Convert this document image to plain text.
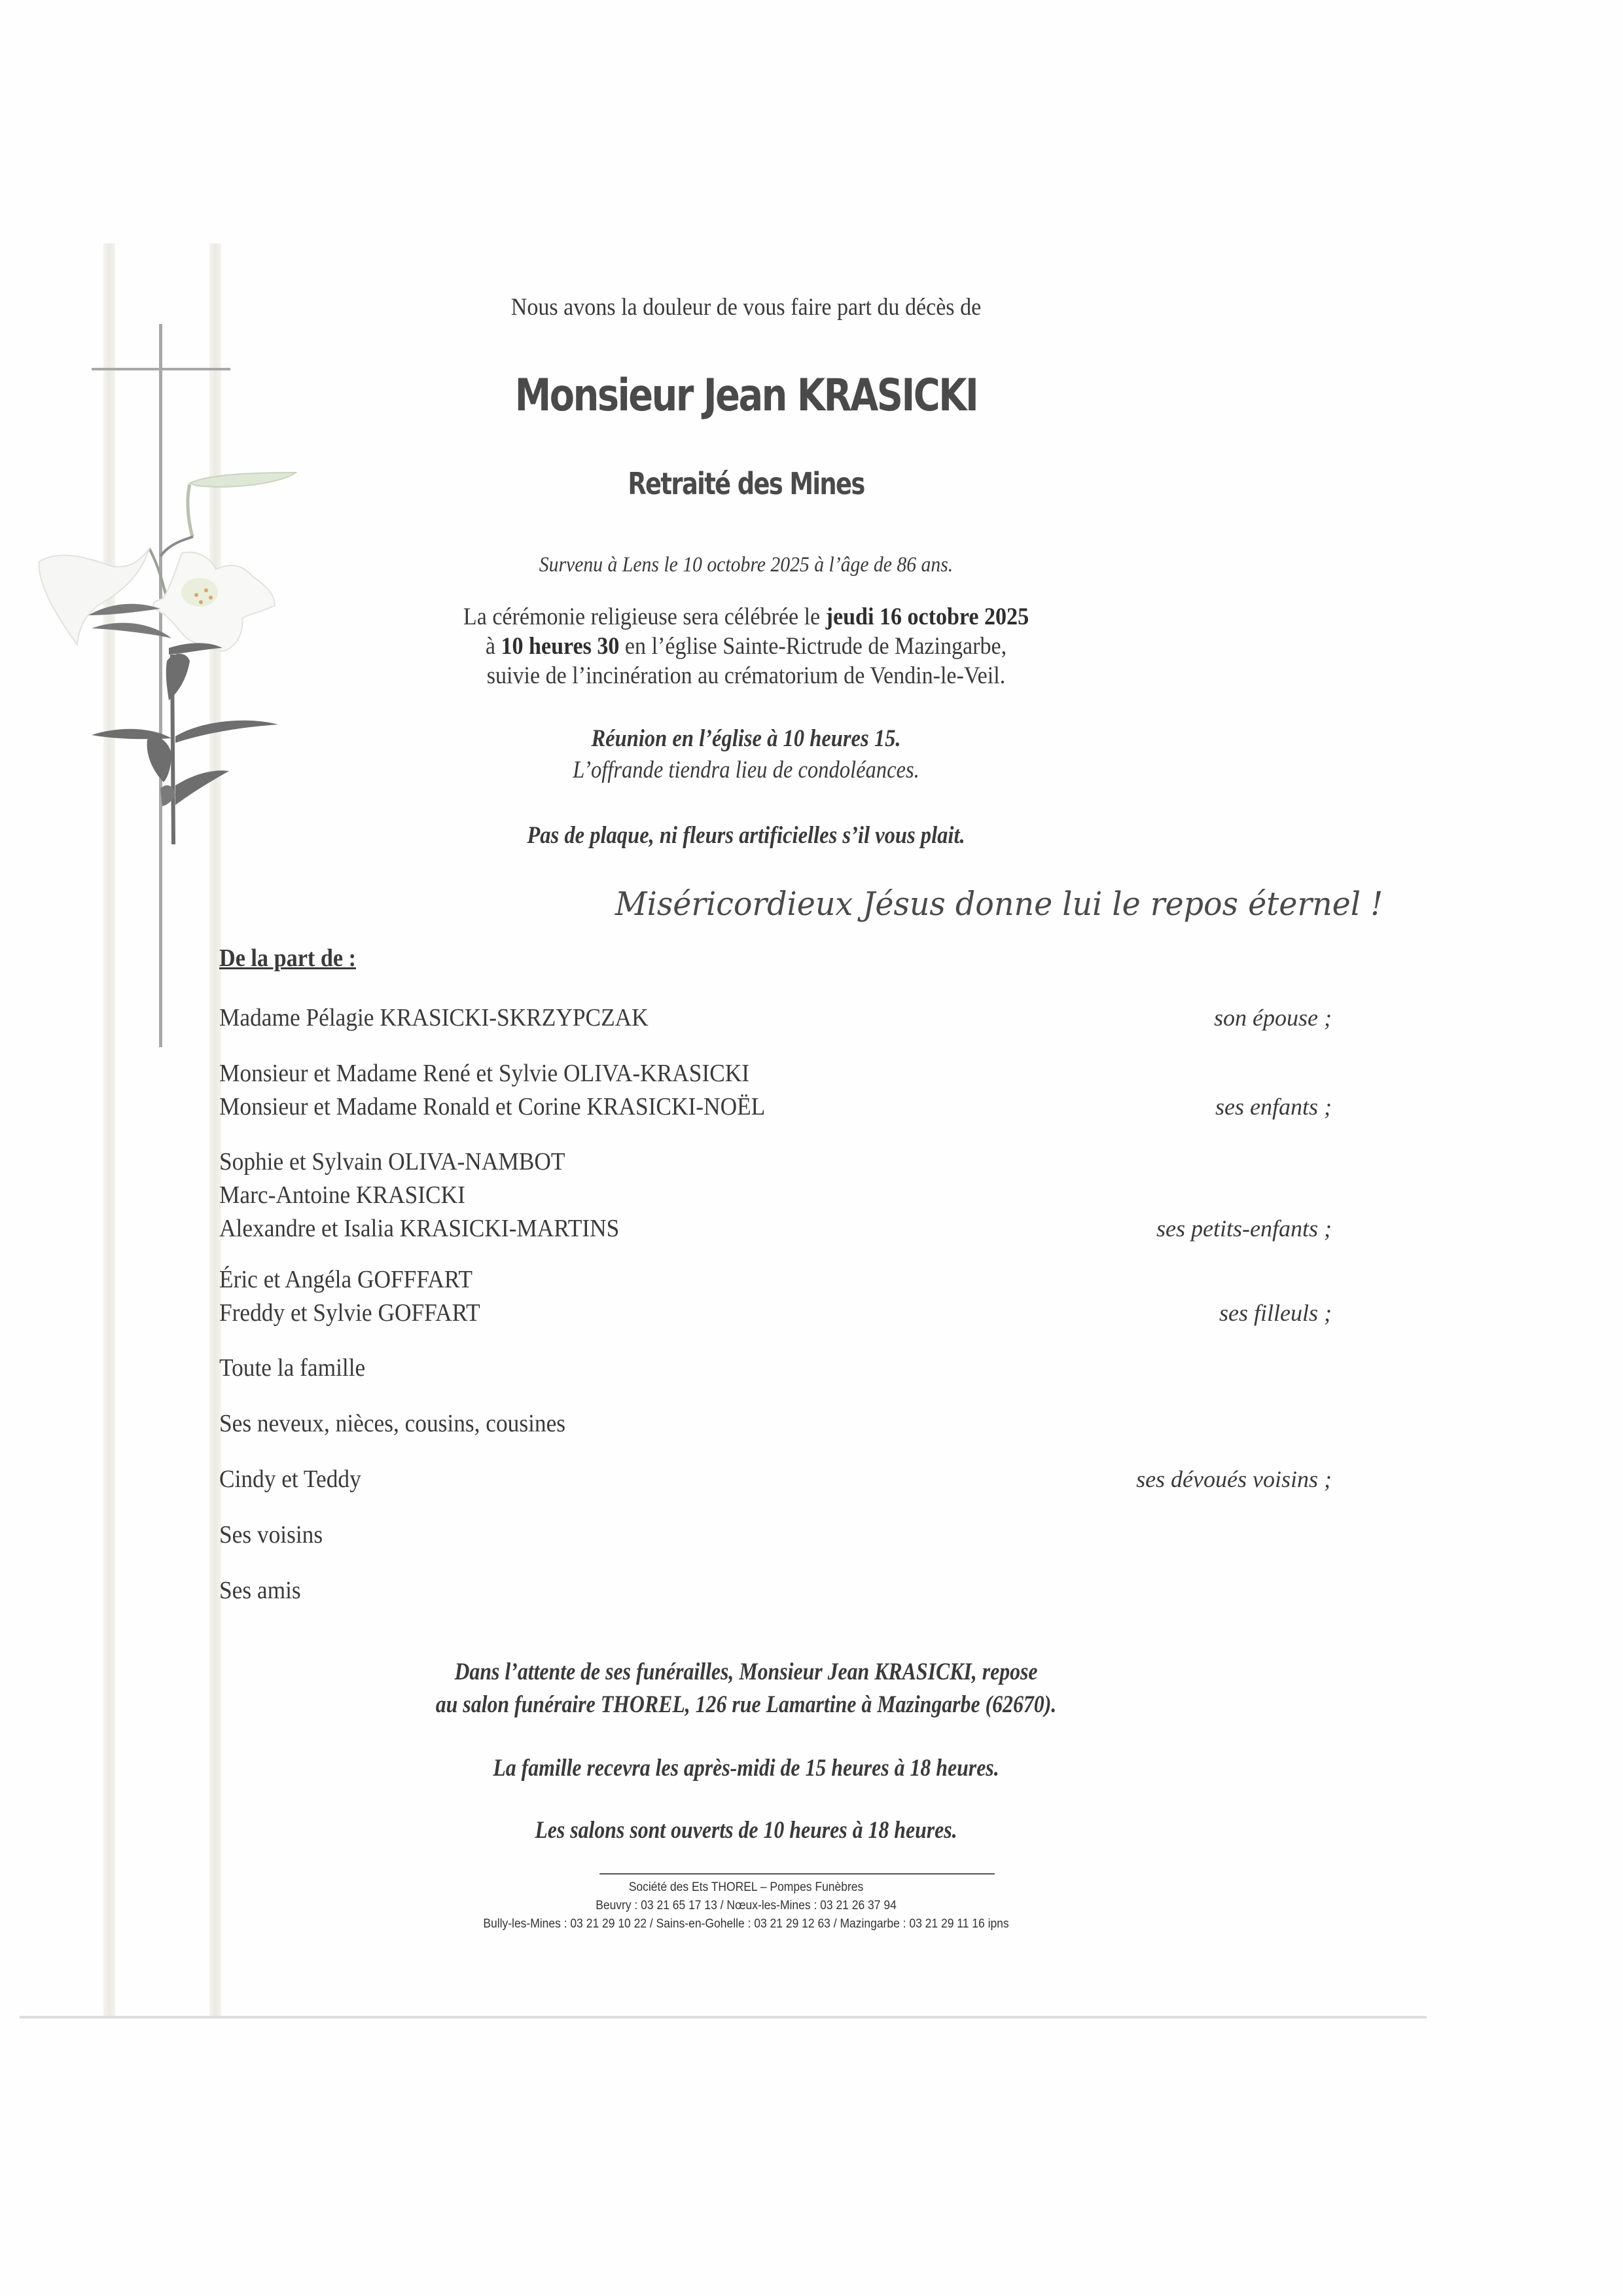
Nous avons la douleur de vous faire part du décès de
Monsieur Jean KRASICKI
Retraité des Mines
Survenu à Lens le 10 octobre 2025 à l’âge de 86 ans.
La cérémonie religieuse sera célébrée le jeudi 16 octobre 2025
à 10 heures 30 en l’église Sainte-Rictrude de Mazingarbe,
suivie de l’incinération au crématorium de Vendin-le-Veil.
Réunion en l’église à 10 heures 15.
L’offrande tiendra lieu de condoléances.
Pas de plaque, ni fleurs artificielles s’il vous plait.
Miséricordieux Jésus donne lui le repos éternel !
De la part de :
Madame Pélagie KRASICKI-SKRZYPCZAK	son épouse ;
Monsieur et Madame René et Sylvie OLIVA-KRASICKI
Monsieur et Madame Ronald et Corine KRASICKI-NOËL	ses enfants ;
Sophie et Sylvain OLIVA-NAMBOT
Marc-Antoine KRASICKI
Alexandre et Isalia KRASICKI-MARTINS	ses petits-enfants ;
Éric et Angéla GOFFFART
Freddy et Sylvie GOFFART	ses filleuls ;
Toute la famille
Ses neveux, nièces, cousins, cousines
Cindy et Teddy	ses dévoués voisins ;
Ses voisins
Ses amis
Dans l’attente de ses funérailles, Monsieur Jean KRASICKI, repose
au salon funéraire THOREL, 126 rue Lamartine à Mazingarbe (62670).
La famille recevra les après-midi de 15 heures à 18 heures.
Les salons sont ouverts de 10 heures à 18 heures.
Société des Ets THOREL – Pompes Funèbres
Beuvry : 03 21 65 17 13 / Nœux-les-Mines : 03 21 26 37 94
Bully-les-Mines : 03 21 29 10 22 / Sains-en-Gohelle : 03 21 29 12 63 / Mazingarbe : 03 21 29 11 16 ipns
